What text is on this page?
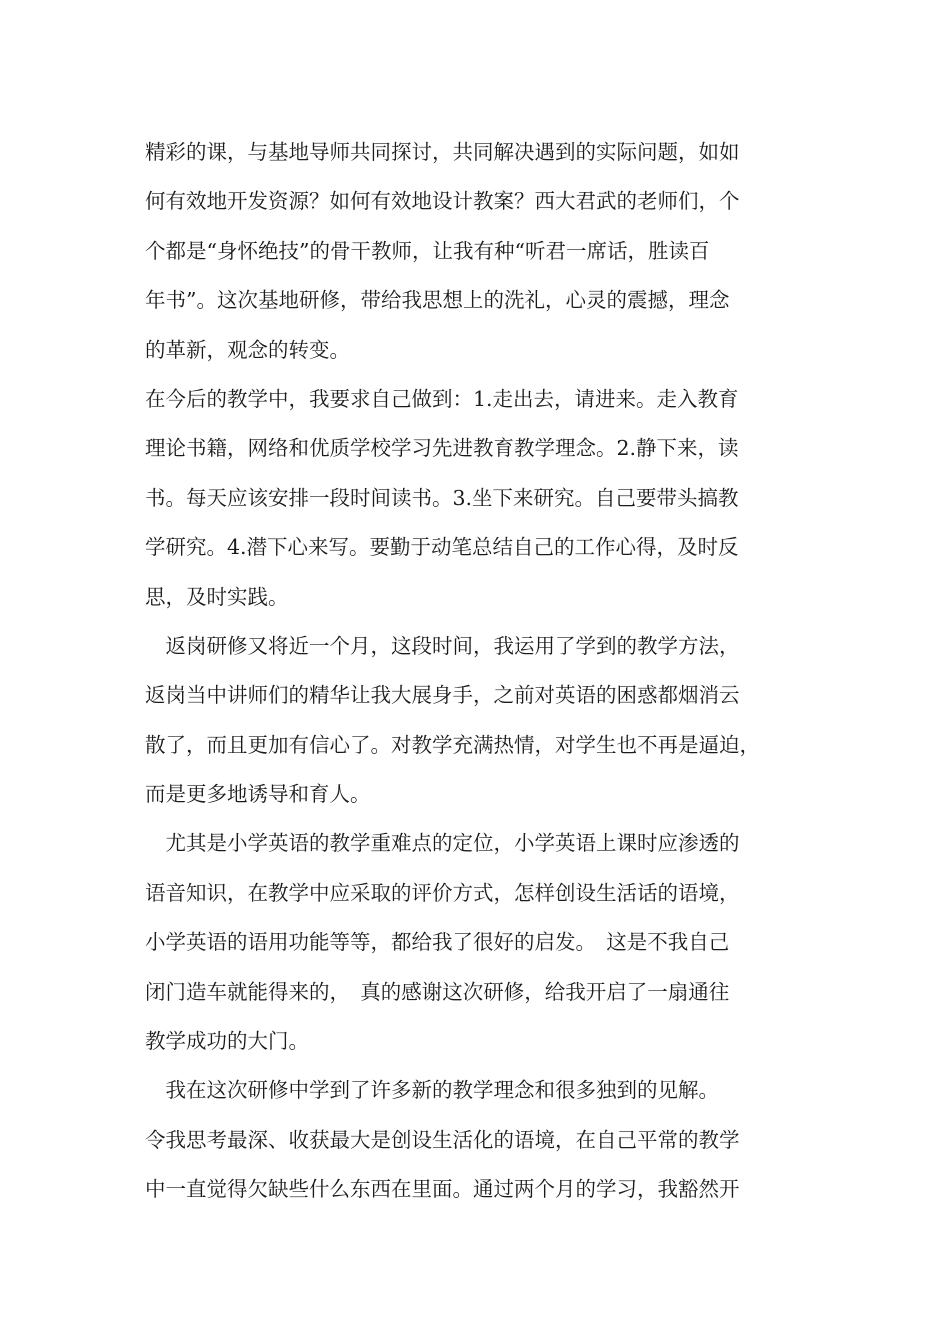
精彩的课，与基地导师共同探讨，共同解决遇到的实际问题，如如
何有效地开发资源？如何有效地设计教案？西大君武的老师们，个
个都是“身怀绝技”的骨干教师，让我有种“听君一席话，胜读百
年书”。这次基地研修，带给我思想上的洗礼，心灵的震撼，理念
的革新，观念的转变。
在今后的教学中，我要求自己做到：1.走出去，请进来。走入教育
理论书籍，网络和优质学校学习先进教育教学理念。2.静下来，读
书。每天应该安排一段时间读书。3.坐下来研究。自己要带头搞教
学研究。4.潜下心来写。要勤于动笔总结自己的工作心得，及时反
思，及时实践。
　返岗研修又将近一个月，这段时间，我运用了学到的教学方法，
返岗当中讲师们的精华让我大展身手，之前对英语的困惑都烟消云
散了，而且更加有信心了。对教学充满热情，对学生也不再是逼迫，
而是更多地诱导和育人。
　尤其是小学英语的教学重难点的定位，小学英语上课时应渗透的
语音知识，在教学中应采取的评价方式，怎样创设生活话的语境，
小学英语的语用功能等等，都给我了很好的启发。　这是不我自己
闭门造车就能得来的，　真的感谢这次研修，给我开启了一扇通往
教学成功的大门。
　我在这次研修中学到了许多新的教学理念和很多独到的见解。
令我思考最深、收获最大是创设生活化的语境，在自己平常的教学
中一直觉得欠缺些什么东西在里面。通过两个月的学习，我豁然开
